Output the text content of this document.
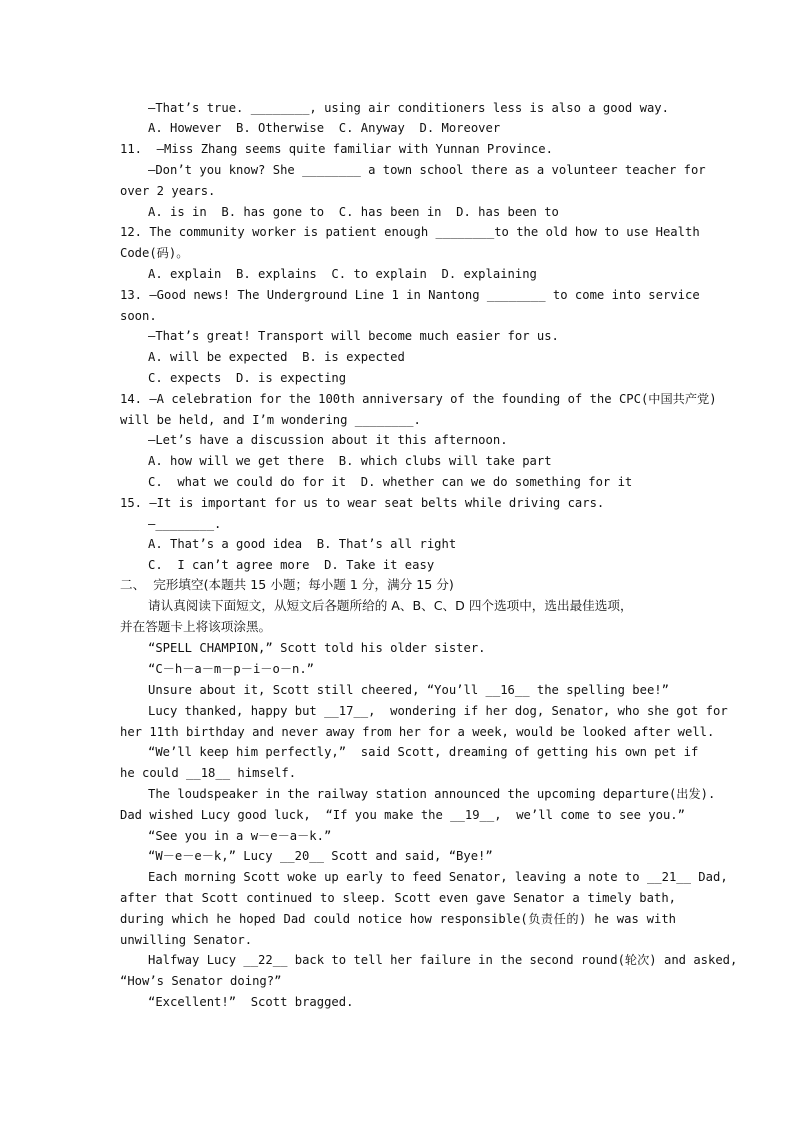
—That’s true. ________, using air conditioners less is also a good way.
A. However  B. Otherwise  C. Anyway  D. Moreover
11.  —Miss Zhang seems quite familiar with Yunnan Province.
—Don’t you know? She ________ a town school there as a volunteer teacher for
over 2 years.
A. is in  B. has gone to  C. has been in  D. has been to
12. The community worker is patient enough ________to the old how to use Health
Code(码)。
A. explain  B. explains  C. to explain  D. explaining
13. —Good news! The Underground Line 1 in Nantong ________ to come into service
soon.
—That’s great! Transport will become much easier for us.
A. will be expected  B. is expected
C. expects  D. is expecting
14. —A celebration for the 100th anniversary of the founding of the CPC(中国共产党)
will be held, and I’m wondering ________.
—Let’s have a discussion about it this afternoon.
A. how will we get there  B. which clubs will take part
C.  what we could do for it  D. whether can we do something for it
15. —It is important for us to wear seat belts while driving cars.
—________.
A. That’s a good idea  B. That’s all right
C.  I can’t agree more  D. Take it easy
二、  完形填空(本题共 15 小题；每小题 1 分，满分 15 分)
请认真阅读下面短文，从短文后各题所给的 A、B、C、D 四个选项中，选出最佳选项，
并在答题卡上将该项涂黑。
“SPELL CHAMPION,” Scott told his older sister.
“C－h－a－m－p－i－o－n.”
Unsure about it, Scott still cheered, “You’ll __16__ the spelling bee!”
Lucy thanked, happy but __17__,  wondering if her dog, Senator, who she got for
her 11th birthday and never away from her for a week, would be looked after well.
“We’ll keep him perfectly,”  said Scott, dreaming of getting his own pet if
he could __18__ himself.
The loudspeaker in the railway station announced the upcoming departure(出发).
Dad wished Lucy good luck,  “If you make the __19__,  we’ll come to see you.”
“See you in a w－e－a－k.”
“W－e－e－k,” Lucy __20__ Scott and said, “Bye!”
Each morning Scott woke up early to feed Senator, leaving a note to __21__ Dad,
after that Scott continued to sleep. Scott even gave Senator a timely bath,
during which he hoped Dad could notice how responsible(负责任的) he was with
unwilling Senator.
Halfway Lucy __22__ back to tell her failure in the second round(轮次) and asked,
“How’s Senator doing?”
“Excellent!”  Scott bragged.
